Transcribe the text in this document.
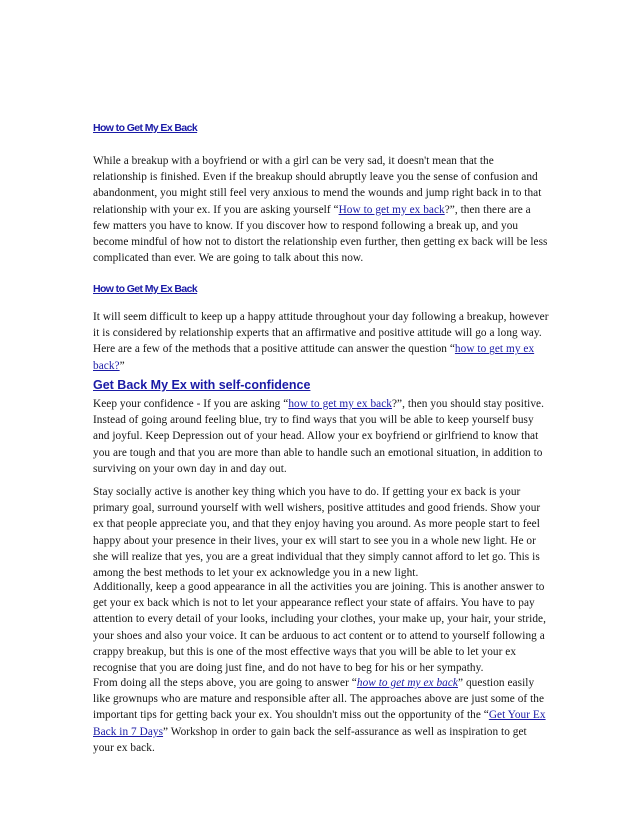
How to Get My Ex Back

While a breakup with a boyfriend or with a girl can be very sad, it doesn't mean that the relationship is finished. Even if the breakup should abruptly leave you the sense of confusion and abandonment, you might still feel very anxious to mend the wounds and jump right back in to that relationship with your ex. If you are asking yourself “How to get my ex back?”, then there are a few matters you have to know. If you discover how to respond following a break up, and you become mindful of how not to distort the relationship even further, then getting ex back will be less complicated than ever. We are going to talk about this now.

How to Get My Ex Back

It will seem difficult to keep up a happy attitude throughout your day following a breakup, however it is considered by relationship experts that an affirmative and positive attitude will go a long way. Here are a few of the methods that a positive attitude can answer the question “how to get my ex back?”

Get Back My Ex with self-confidence

Keep your confidence - If you are asking “how to get my ex back?”, then you should stay positive. Instead of going around feeling blue, try to find ways that you will be able to keep yourself busy and joyful. Keep Depression out of your head. Allow your ex boyfriend or girlfriend to know that you are tough and that you are more than able to handle such an emotional situation, in addition to surviving on your own day in and day out.

Stay socially active is another key thing which you have to do. If getting your ex back is your primary goal, surround yourself with well wishers, positive attitudes and good friends. Show your ex that people appreciate you, and that they enjoy having you around. As more people start to feel happy about your presence in their lives, your ex will start to see you in a whole new light. He or she will realize that yes, you are a great individual that they simply cannot afford to let go. This is among the best methods to let your ex acknowledge you in a new light.

Additionally, keep a good appearance in all the activities you are joining. This is another answer to get your ex back which is not to let your appearance reflect your state of affairs. You have to pay attention to every detail of your looks, including your clothes, your make up, your hair, your stride, your shoes and also your voice. It can be arduous to act content or to attend to yourself following a crappy breakup, but this is one of the most effective ways that you will be able to let your ex recognise that you are doing just fine, and do not have to beg for his or her sympathy.

From doing all the steps above, you are going to answer “how to get my ex back” question easily like grownups who are mature and responsible after all. The approaches above are just some of the important tips for getting back your ex. You shouldn't miss out the opportunity of the “Get Your Ex Back in 7 Days” Workshop in order to gain back the self-assurance as well as inspiration to get your ex back.
